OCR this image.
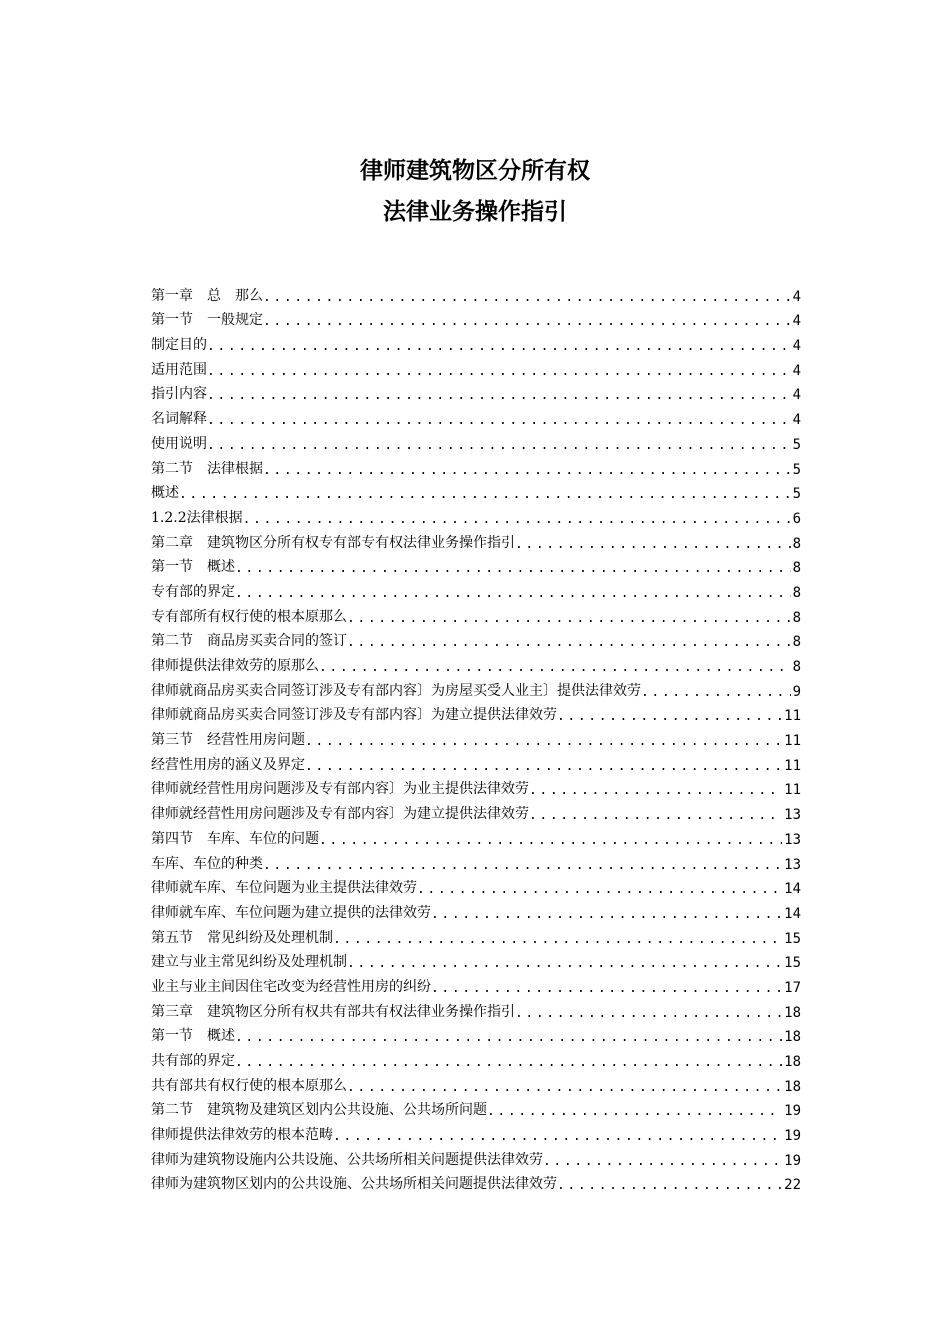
律师建筑物区分所有权
法律业务操作指引
第一章　总　那么 .....	4
第一节　一般规定 .....	4
制定目的 .....	4
适用范围 .....	4
指引内容 .....	4
名词解释 .....	4
使用说明 .....	5
第二节　法律根据 .....	5
概述 .....	5
1.2.2法律根据 .....	6
第二章　建筑物区分所有权专有部专有权法律业务操作指引 .....	8
第一节　概述 .....	8
专有部的界定 .....	8
专有部所有权行使的根本原那么 .....	8
第二节　商品房买卖合同的签订 .....	8
律师提供法律效劳的原那么 .....	8
律师就商品房买卖合同签订涉及专有部内容〕为房屋买受人业主〕提供法律效劳 .....	9
律师就商品房买卖合同签订涉及专有部内容〕为建立提供法律效劳 .....	11
第三节　经营性用房问题 .....	11
经营性用房的涵义及界定 .....	11
律师就经营性用房问题涉及专有部内容〕为业主提供法律效劳 .....	11
律师就经营性用房问题涉及专有部内容〕为建立提供法律效劳 .....	13
第四节　车库、车位的问题 .....	13
车库、车位的种类 .....	13
律师就车库、车位问题为业主提供法律效劳 .....	14
律师就车库、车位问题为建立提供的法律效劳 .....	14
第五节　常见纠纷及处理机制 .....	15
建立与业主常见纠纷及处理机制 .....	15
业主与业主间因住宅改变为经营性用房的纠纷 .....	17
第三章　建筑物区分所有权共有部共有权法律业务操作指引 .....	18
第一节　概述 .....	18
共有部的界定 .....	18
共有部共有权行使的根本原那么 .....	18
第二节　建筑物及建筑区划内公共设施、公共场所问题 .....	19
律师提供法律效劳的根本范畴 .....	19
律师为建筑物设施内公共设施、公共场所相关问题提供法律效劳 .....	19
律师为建筑物区划内的公共设施、公共场所相关问题提供法律效劳 .....	22
